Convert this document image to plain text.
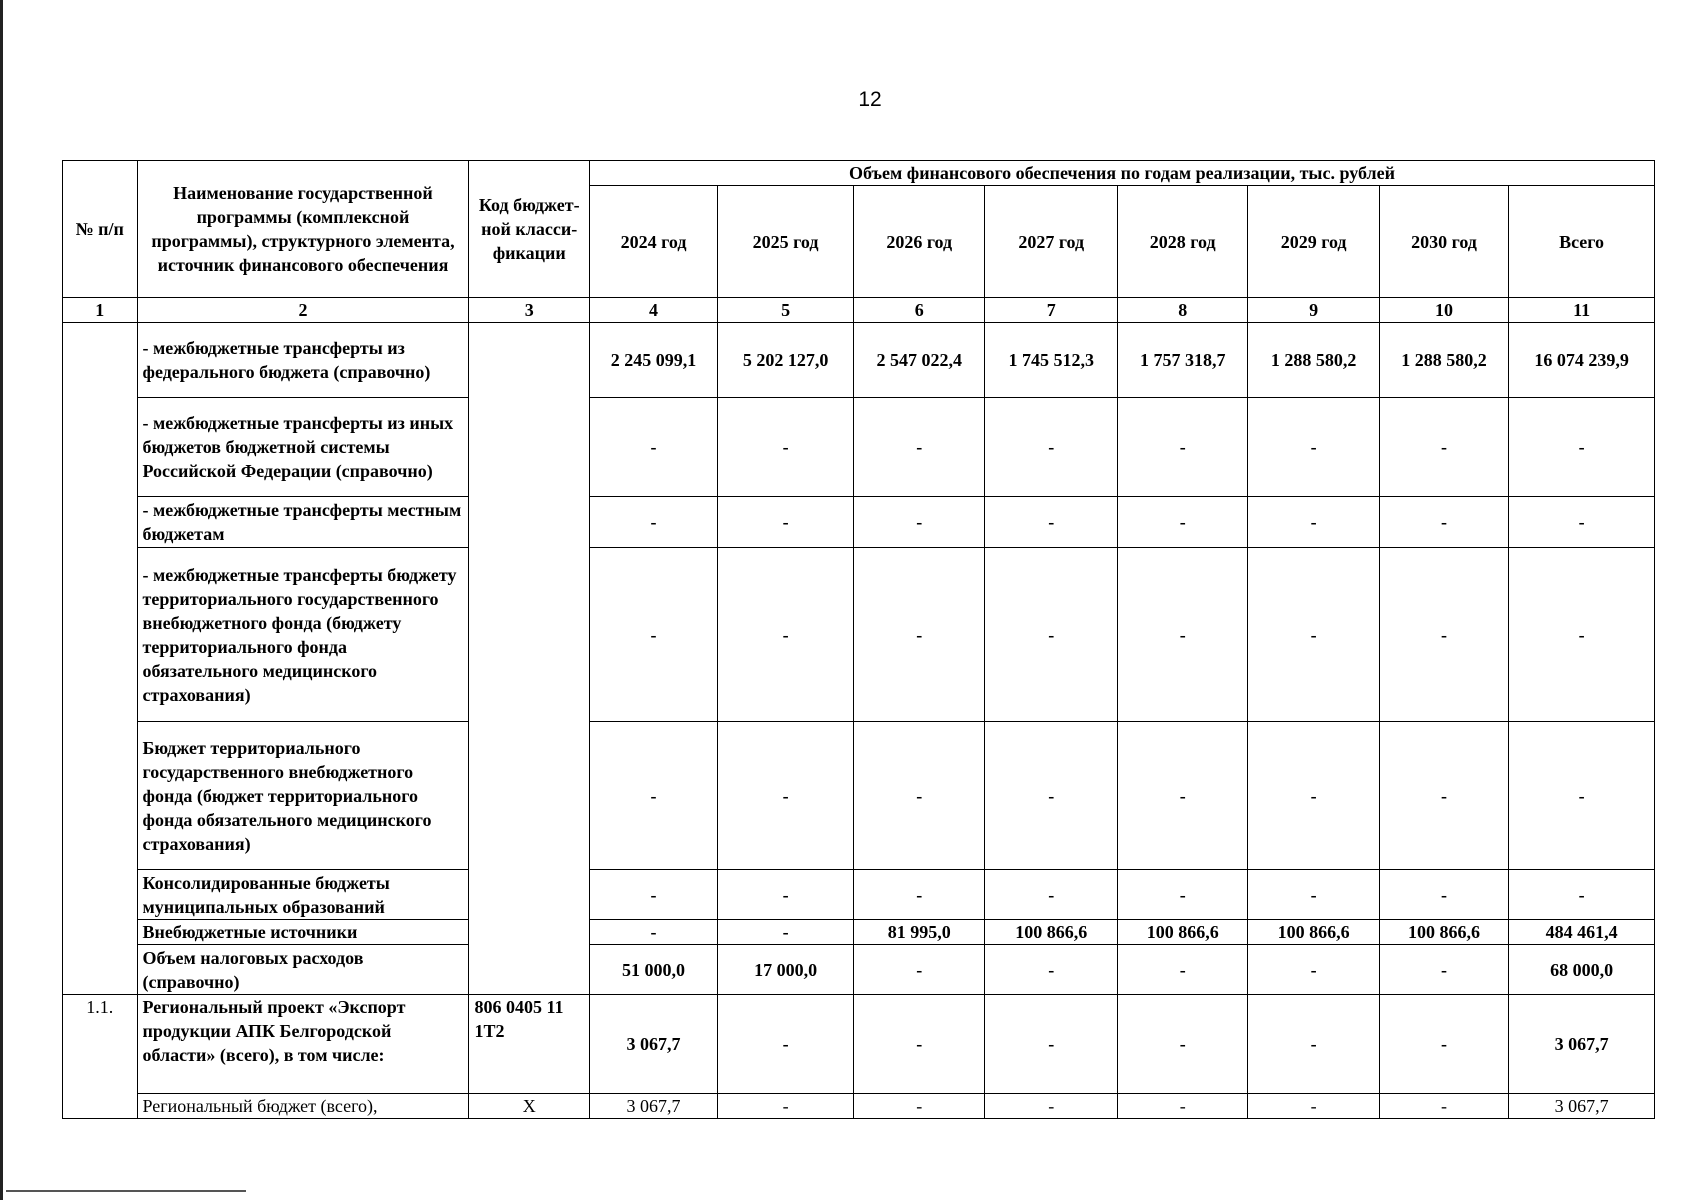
12
№ п/п	Наименование государственной программы (комплексной программы), структурного элемента, источник финансового обеспечения	Код бюджет-ной класси-фикации	Объем финансового обеспечения по годам реализации, тыс. рублей							
			2024 год	2025 год	2026 год	2027 год	2028 год	2029 год	2030 год	Всего
1	2	3	4	5	6	7	8	9	10	11
	- межбюджетные трансферты из федерального бюджета (справочно)		2 245 099,1	5 202 127,0	2 547 022,4	1 745 512,3	1 757 318,7	1 288 580,2	1 288 580,2	16 074 239,9
	- межбюджетные трансферты из иных бюджетов бюджетной системы Российской Федерации (справочно)		-	-	-	-	-	-	-	-
	- межбюджетные трансферты местным бюджетам		-	-	-	-	-	-	-	-
	- межбюджетные трансферты бюджету территориального государственного внебюджетного фонда (бюджету территориального фонда обязательного медицинского страхования)		-	-	-	-	-	-	-	-
	Бюджет территориального государственного внебюджетного фонда (бюджет территориального фонда обязательного медицинского страхования)		-	-	-	-	-	-	-	-
	Консолидированные бюджеты муниципальных образований		-	-	-	-	-	-	-	-
	Внебюджетные источники		-	-	81 995,0	100 866,6	100 866,6	100 866,6	100 866,6	484 461,4
	Объем налоговых расходов (справочно)		51 000,0	17 000,0	-	-	-	-	-	68 000,0
1.1.	Региональный проект «Экспорт продукции АПК Белгородской области» (всего), в том числе:	806 0405 11 1Т2	3 067,7	-	-	-	-	-	-	3 067,7
	Региональный бюджет (всего),	X	3 067,7	-	-	-	-	-	-	3 067,7
